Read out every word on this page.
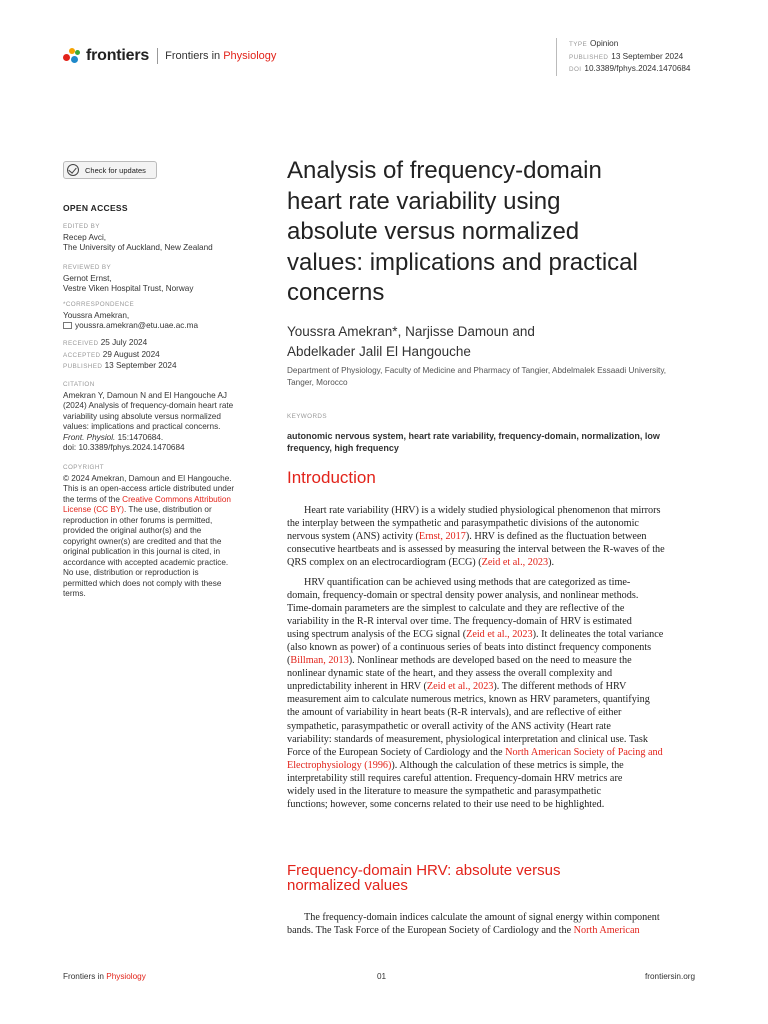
frontiers Frontiers in Physiology
TYPE Opinion
PUBLISHED 13 September 2024
DOI 10.3389/fphys.2024.1470684
Check for updates
OPEN ACCESS
EDITED BY
Recep Avci,
The University of Auckland, New Zealand
REVIEWED BY
Gernot Ernst,
Vestre Viken Hospital Trust, Norway
*CORRESPONDENCE
Youssra Amekran,
youssra.amekran@etu.uae.ac.ma
RECEIVED 25 July 2024
ACCEPTED 29 August 2024
PUBLISHED 13 September 2024
CITATION
Amekran Y, Damoun N and El Hangouche AJ
(2024) Analysis of frequency-domain heart rate
variability using absolute versus normalized
values: implications and practical concerns.
Front. Physiol. 15:1470684.
doi: 10.3389/fphys.2024.1470684
COPYRIGHT
© 2024 Amekran, Damoun and El Hangouche.
This is an open-access article distributed under
the terms of the Creative Commons Attribution
License (CC BY). The use, distribution or
reproduction in other forums is permitted,
provided the original author(s) and the
copyright owner(s) are credited and that the
original publication in this journal is cited, in
accordance with accepted academic practice.
No use, distribution or reproduction is
permitted which does not comply with these
terms.
Analysis of frequency-domain
heart rate variability using
absolute versus normalized
values: implications and practical
concerns
Youssra Amekran*, Narjisse Damoun and
Abdelkader Jalil El Hangouche
Department of Physiology, Faculty of Medicine and Pharmacy of Tangier, Abdelmalek Essaadi University,
Tanger, Morocco
KEYWORDS
autonomic nervous system, heart rate variability, frequency-domain, normalization, low
frequency, high frequency
Introduction
Heart rate variability (HRV) is a widely studied physiological phenomenon that mirrors
the interplay between the sympathetic and parasympathetic divisions of the autonomic
nervous system (ANS) activity (Ernst, 2017). HRV is defined as the fluctuation between
consecutive heartbeats and is assessed by measuring the interval between the R-waves of the
QRS complex on an electrocardiogram (ECG) (Zeid et al., 2023).
HRV quantification can be achieved using methods that are categorized as time-
domain, frequency-domain or spectral density power analysis, and nonlinear methods.
Time-domain parameters are the simplest to calculate and they are reflective of the
variability in the R-R interval over time. The frequency-domain of HRV is estimated
using spectrum analysis of the ECG signal (Zeid et al., 2023). It delineates the total variance
(also known as power) of a continuous series of beats into distinct frequency components
(Billman, 2013). Nonlinear methods are developed based on the need to measure the
nonlinear dynamic state of the heart, and they assess the overall complexity and
unpredictability inherent in HRV (Zeid et al., 2023). The different methods of HRV
measurement aim to calculate numerous metrics, known as HRV parameters, quantifying
the amount of variability in heart beats (R-R intervals), and are reflective of either
sympathetic, parasympathetic or overall activity of the ANS activity (Heart rate
variability: standards of measurement, physiological interpretation and clinical use. Task
Force of the European Society of Cardiology and the North American Society of Pacing and
Electrophysiology (1996)). Although the calculation of these metrics is simple, the
interpretability still requires careful attention. Frequency-domain HRV metrics are
widely used in the literature to measure the sympathetic and parasympathetic
functions; however, some concerns related to their use need to be highlighted.
Frequency-domain HRV: absolute versus
normalized values
The frequency-domain indices calculate the amount of signal energy within component
bands. The Task Force of the European Society of Cardiology and the North American
Frontiers in Physiology	01	frontiersin.org
